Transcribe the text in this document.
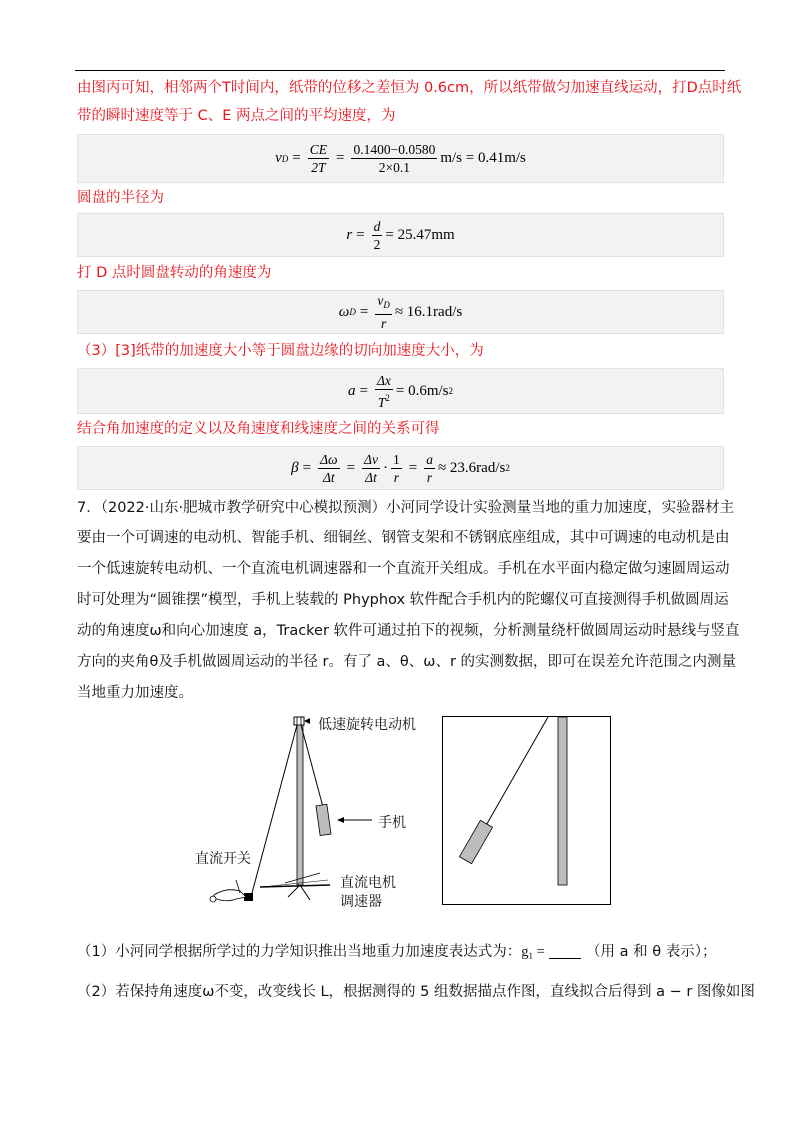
由图丙可知，相邻两个T时间内，纸带的位移之差恒为 0.6cm，所以纸带做匀加速直线运动，打D点时纸
带的瞬时速度等于 C、E 两点之间的平均速度，为
v $D = \frac{CE}{2T} = \frac{0.1400-0.0580}{2\times 0.1} m/s = 0.41m/s$
圆盘的半径为
$r = \frac{d}{2} = 25.47mm$
打 D 点时圆盘转动的角速度为
ω $D = \frac{v_D}{r} \approx 16.1rad/s$
（3）[3]纸带的加速度大小等于圆盘边缘的切向加速度大小，为
$a = \frac{\Delta x}{T^2} = 0.6m/s$ 2
结合角加速度的定义以及角速度和线速度之间的关系可得
$\beta = \frac{\Delta\omega}{\Delta t} = \frac{\Delta v}{\Delta t} \cdot \frac{1}{r} = \frac{a}{r} \approx 23.6rad/s$ 2
7．（2022·山东·肥城市教学研究中心模拟预测）小河同学设计实验测量当地的重力加速度，实验器材主
要由一个可调速的电动机、智能手机、细铜丝、钢管支架和不锈钢底座组成，其中可调速的电动机是由
一个低速旋转电动机、一个直流电机调速器和一个直流开关组成。手机在水平面内稳定做匀速圆周运动
时可处理为“圆锥摆”模型，手机上装载的 Phyphox 软件配合手机内的陀螺仪可直接测得手机做圆周运
动的角速度ω和向心加速度 a，Tracker 软件可通过拍下的视频，分析测量绕杆做圆周运动时悬线与竖直
方向的夹角θ及手机做圆周运动的半径 r。有了 a、θ、ω、r 的实测数据，即可在误差允许范围之内测量
当地重力加速度。
低速旋转电动机
手机
直流开关
直流电机
调速器
（1）小河同学根据所学过的力学知识推出当地重力加速度表达式为：$g_1$ =	（用 a 和 θ 表示）；
（2）若保持角速度ω不变，改变线长 L，根据测得的 5 组数据描点作图，直线拟合后得到 a − r 图像如图
